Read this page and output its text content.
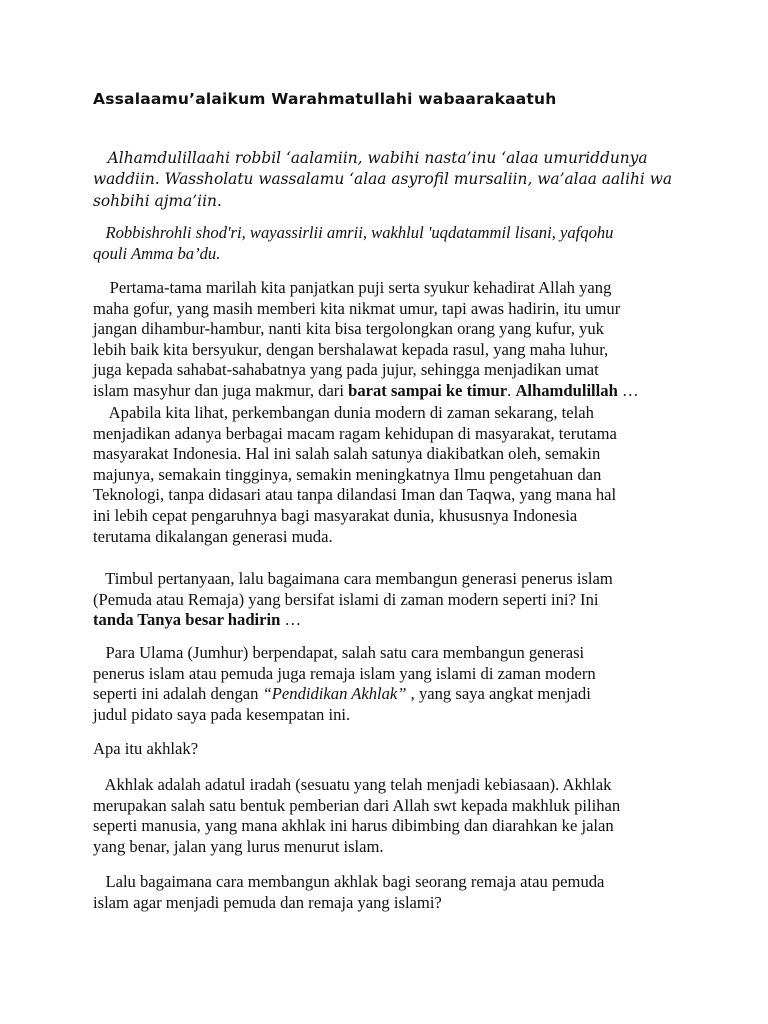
Assalaamu’alaikum Warahmatullahi wabaarakaatuh
Alhamdulillaahi robbil ‘aalamiin, wabihi nasta’inu ‘alaa umuriddunya
waddiin. Wassholatu wassalamu ‘alaa asyrofil mursaliin, wa’alaa aalihi wa
sohbihi ajma’iin.
Robbishrohli shod'ri, wayassirlii amrii, wakhlul 'uqdatammil lisani, yafqohu
qouli Amma ba’du.
Pertama-tama marilah kita panjatkan puji serta syukur kehadirat Allah yang
maha gofur, yang masih memberi kita nikmat umur, tapi awas hadirin, itu umur
jangan dihambur-hambur, nanti kita bisa tergolongkan orang yang kufur, yuk
lebih baik kita bersyukur, dengan bershalawat kepada rasul, yang maha luhur,
juga kepada sahabat-sahabatnya yang pada jujur, sehingga menjadikan umat
islam masyhur dan juga makmur, dari barat sampai ke timur. Alhamdulillah …
Apabila kita lihat, perkembangan dunia modern di zaman sekarang, telah
menjadikan adanya berbagai macam ragam kehidupan di masyarakat, terutama
masyarakat Indonesia. Hal ini salah salah satunya diakibatkan oleh, semakin
majunya, semakain tingginya, semakin meningkatnya Ilmu pengetahuan dan
Teknologi, tanpa didasari atau tanpa dilandasi Iman dan Taqwa, yang mana hal
ini lebih cepat pengaruhnya bagi masyarakat dunia, khususnya Indonesia
terutama dikalangan generasi muda.
Timbul pertanyaan, lalu bagaimana cara membangun generasi penerus islam
(Pemuda atau Remaja) yang bersifat islami di zaman modern seperti ini? Ini
tanda Tanya besar hadirin …
Para Ulama (Jumhur) berpendapat, salah satu cara membangun generasi
penerus islam atau pemuda juga remaja islam yang islami di zaman modern
seperti ini adalah dengan “Pendidikan Akhlak” , yang saya angkat menjadi
judul pidato saya pada kesempatan ini.
Apa itu akhlak?
Akhlak adalah adatul iradah (sesuatu yang telah menjadi kebiasaan). Akhlak
merupakan salah satu bentuk pemberian dari Allah swt kepada makhluk pilihan
seperti manusia, yang mana akhlak ini harus dibimbing dan diarahkan ke jalan
yang benar, jalan yang lurus menurut islam.
Lalu bagaimana cara membangun akhlak bagi seorang remaja atau pemuda
islam agar menjadi pemuda dan remaja yang islami?
